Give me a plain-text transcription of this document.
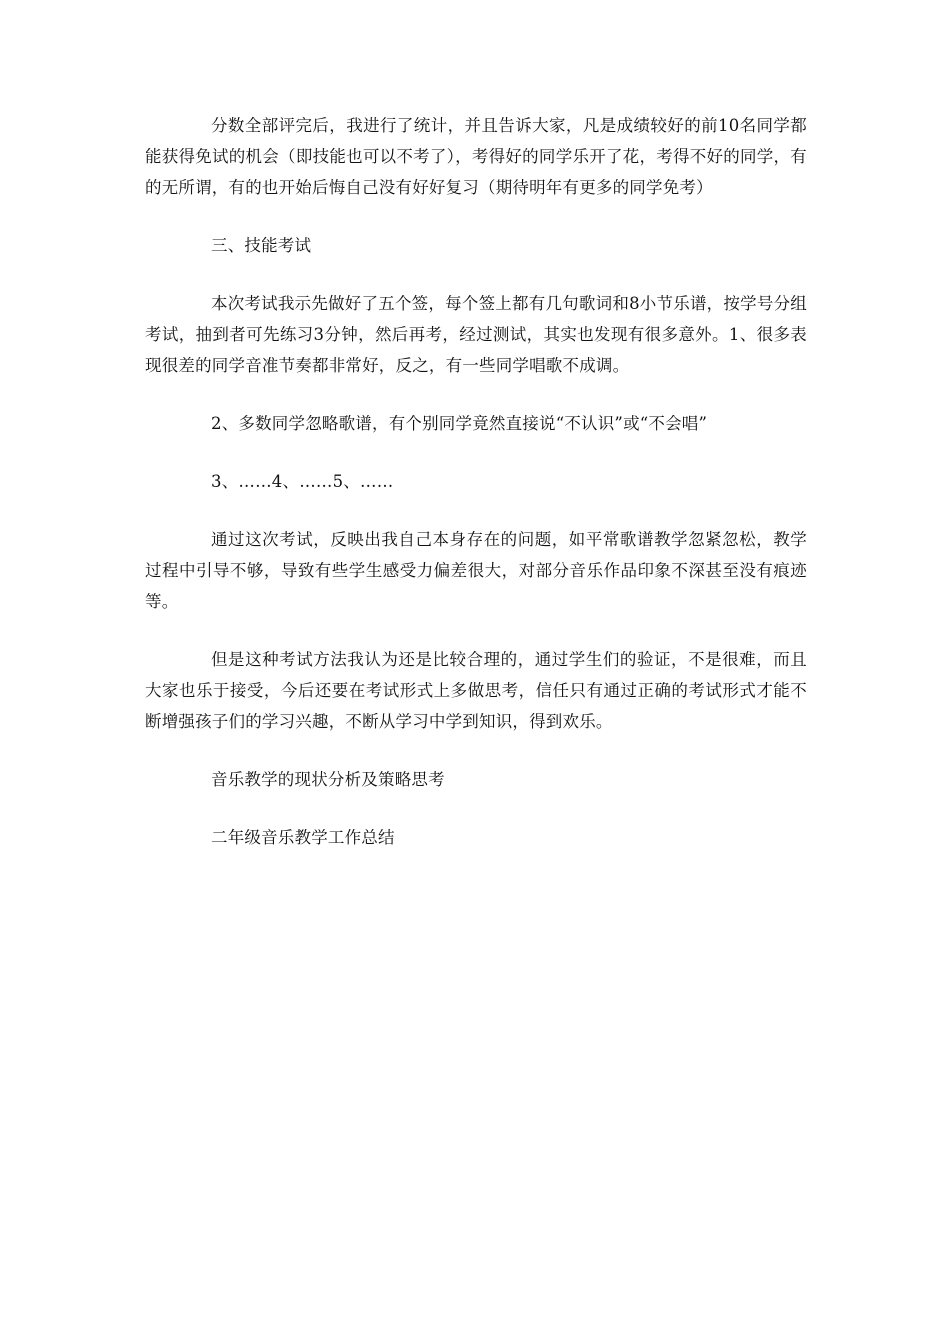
分数全部评完后，我进行了统计，并且告诉大家，凡是成绩较好的前10名同学都能获得免试的机会（即技能也可以不考了），考得好的同学乐开了花，考得不好的同学，有的无所谓，有的也开始后悔自己没有好好复习（期待明年有更多的同学免考）

三、技能考试

本次考试我示先做好了五个签，每个签上都有几句歌词和8小节乐谱，按学号分组考试，抽到者可先练习3分钟，然后再考，经过测试，其实也发现有很多意外。1、很多表现很差的同学音准节奏都非常好，反之，有一些同学唱歌不成调。

2、多数同学忽略歌谱，有个别同学竟然直接说“不认识”或“不会唱”

3、……4、……5、……

通过这次考试，反映出我自己本身存在的问题，如平常歌谱教学忽紧忽松，教学过程中引导不够，导致有些学生感受力偏差很大，对部分音乐作品印象不深甚至没有痕迹等。

但是这种考试方法我认为还是比较合理的，通过学生们的验证，不是很难，而且大家也乐于接受，今后还要在考试形式上多做思考，信任只有通过正确的考试形式才能不断增强孩子们的学习兴趣，不断从学习中学到知识，得到欢乐。

音乐教学的现状分析及策略思考

二年级音乐教学工作总结
